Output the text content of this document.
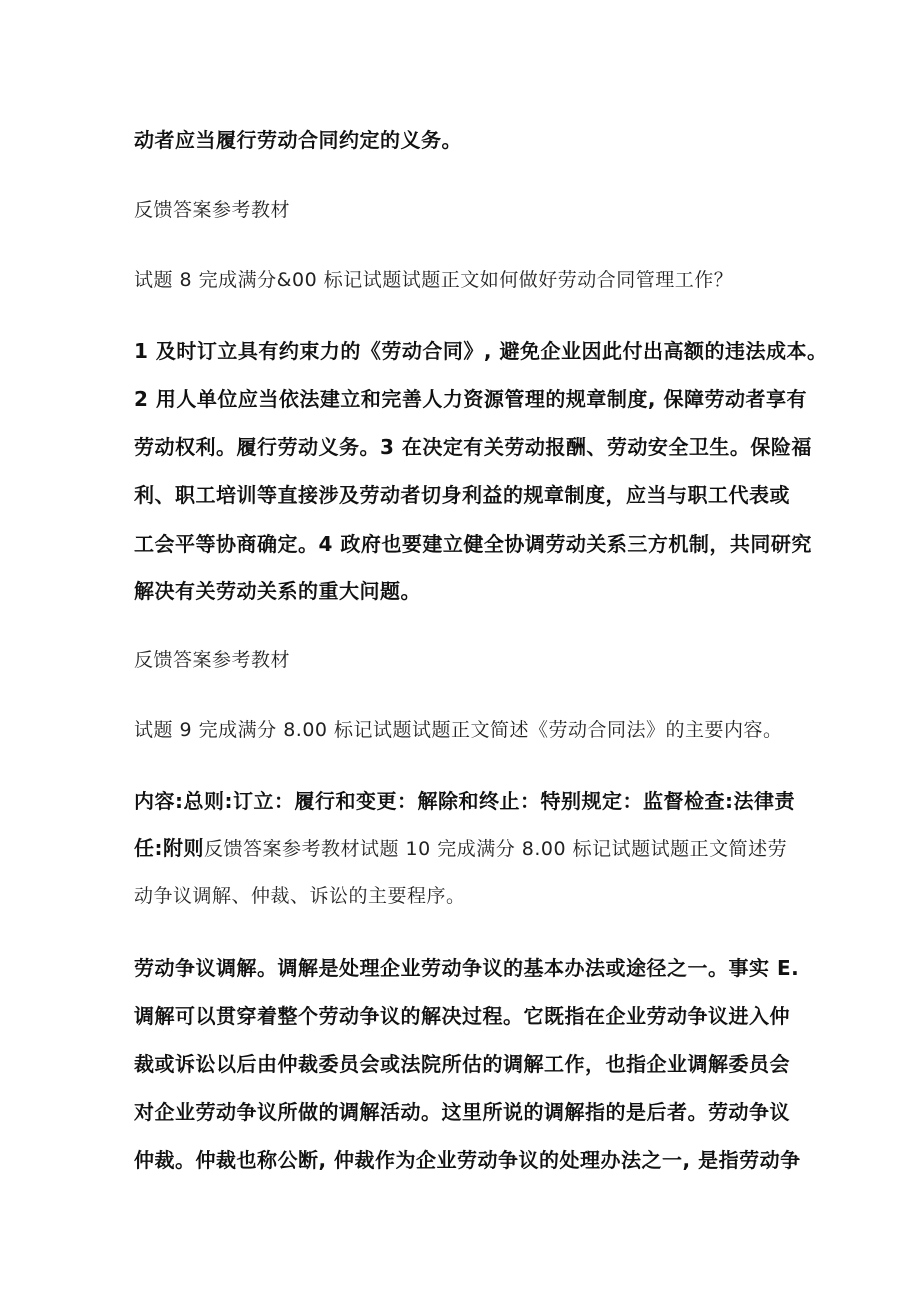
动者应当履行劳动合同约定的义务。
反馈答案参考教材
试题 8 完成满分&00 标记试题试题正文如何做好劳动合同管理工作？
1 及时订立具有约束力的《劳动合同》, 避免企业因此付出高额的违法成本。
2 用人单位应当依法建立和完善人力资源管理的规章制度, 保障劳动者享有
劳动权利。履行劳动义务。3 在决定有关劳动报酬、劳动安全卫生。保险福
利、职工培训等直接涉及劳动者切身利益的规章制度，应当与职工代表或
工会平等协商确定。4 政府也要建立健全协调劳动关系三方机制，共同研究
解决有关劳动关系的重大问题。
反馈答案参考教材
试题 9 完成满分 8.00 标记试题试题正文简述《劳动合同法》的主要内容。
内容:总则:订立：履行和变更：解除和终止：特别规定：监督检查:法律责
任:附则反馈答案参考教材试题 10 完成满分 8.00 标记试题试题正文简述劳
动争议调解、仲裁、诉讼的主要程序。
劳动争议调解。调解是处理企业劳动争议的基本办法或途径之一。事实 E.
调解可以贯穿着整个劳动争议的解决过程。它既指在企业劳动争议进入仲
裁或诉讼以后由仲裁委员会或法院所估的调解工作，也指企业调解委员会
对企业劳动争议所做的调解活动。这里所说的调解指的是后者。劳动争议
仲裁。仲裁也称公断, 仲裁作为企业劳动争议的处理办法之一, 是指劳动争
